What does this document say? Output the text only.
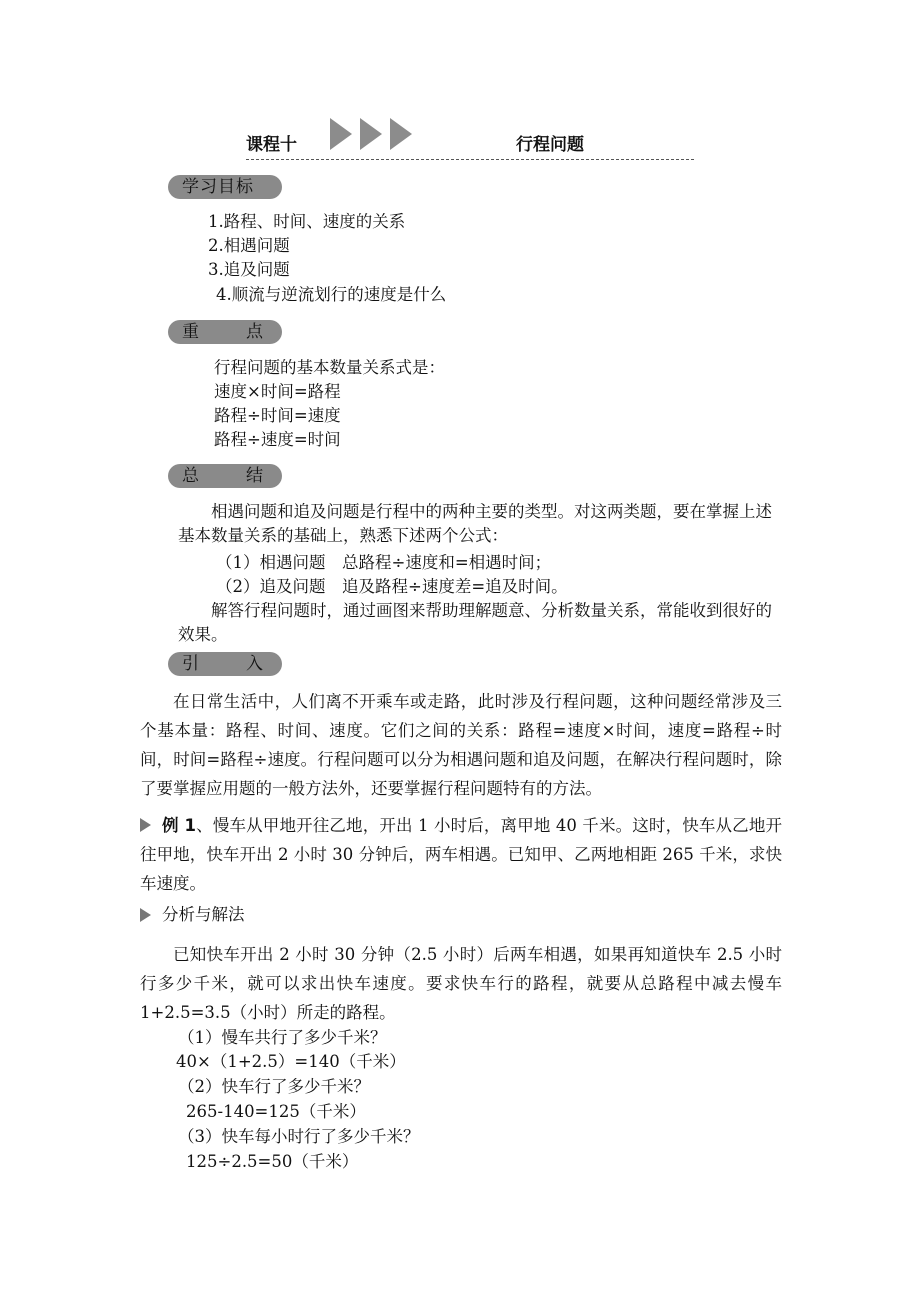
课程十	行程问题
学习目标
1.路程、时间、速度的关系
2.相遇问题
3.追及问题
4.顺流与逆流划行的速度是什么
重	点
行程问题的基本数量关系式是：
速度×时间=路程
路程÷时间=速度
路程÷速度=时间
总	结
相遇问题和追及问题是行程中的两种主要的类型。对这两类题，要在掌握上述基本数量关系的基础上，熟悉下述两个公式：
（1）相遇问题　总路程÷速度和=相遇时间；
（2）追及问题　追及路程÷速度差=追及时间。
解答行程问题时，通过画图来帮助理解题意、分析数量关系，常能收到很好的效果。
引	入
在日常生活中，人们离不开乘车或走路，此时涉及行程问题，这种问题经常涉及三个基本量：路程、时间、速度。它们之间的关系：路程=速度×时间，速度=路程÷时间，时间=路程÷速度。行程问题可以分为相遇问题和追及问题，在解决行程问题时，除了要掌握应用题的一般方法外，还要掌握行程问题特有的方法。
例 1、慢车从甲地开往乙地，开出 1 小时后，离甲地 40 千米。这时，快车从乙地开往甲地，快车开出 2 小时 30 分钟后，两车相遇。已知甲、乙两地相距 265 千米，求快车速度。
分析与解法
已知快车开出 2 小时 30 分钟（2.5 小时）后两车相遇，如果再知道快车 2.5 小时行多少千米，就可以求出快车速度。要求快车行的路程，就要从总路程中减去慢车 1+2.5=3.5（小时）所走的路程。
（1）慢车共行了多少千米？
40×（1+2.5）=140（千米）
（2）快车行了多少千米？
265-140=125（千米）
（3）快车每小时行了多少千米？
125÷2.5=50（千米）
